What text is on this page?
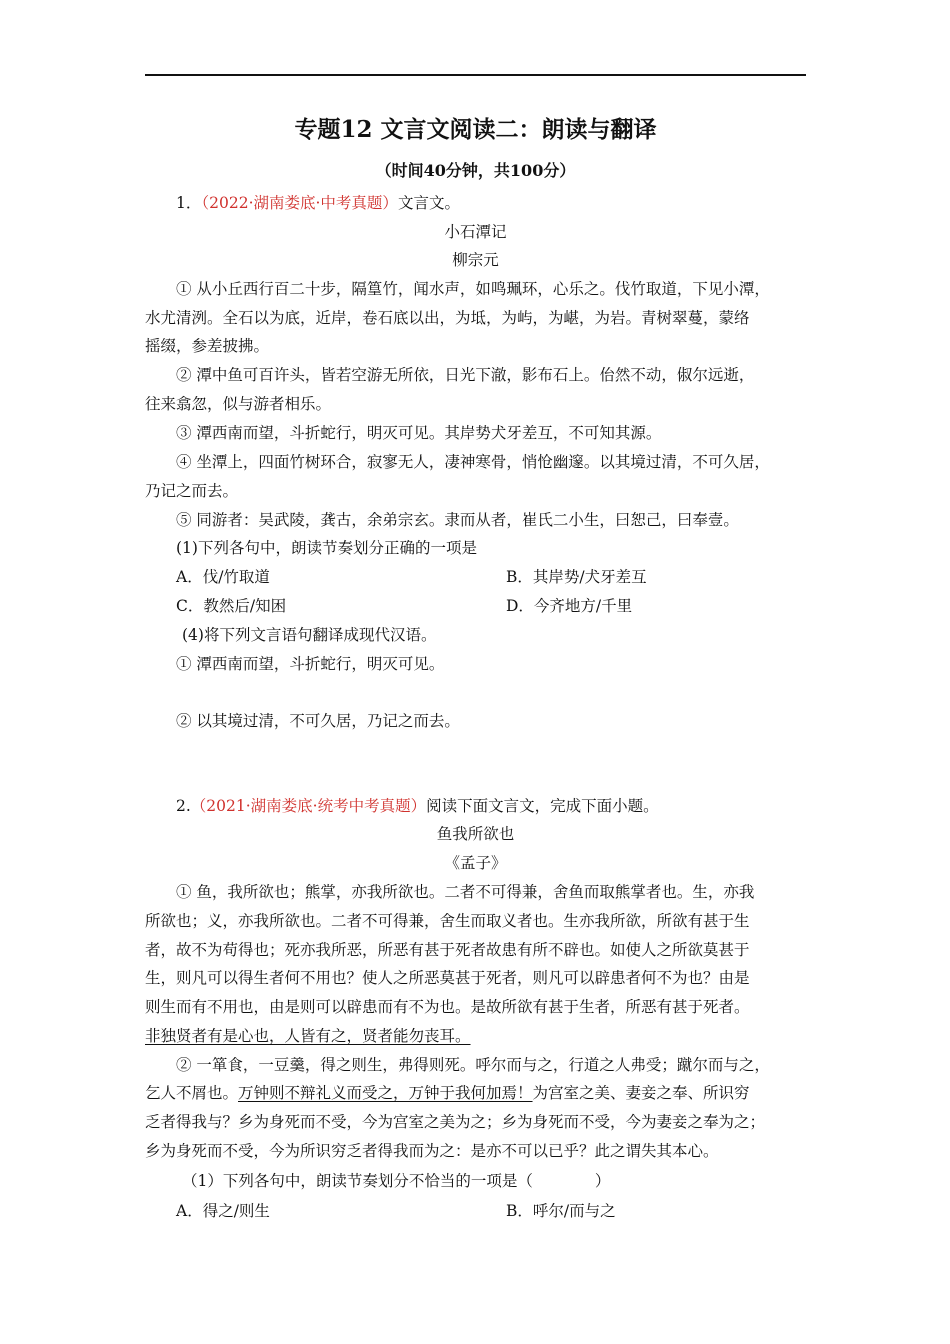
专题12 文言文阅读二：朗读与翻译
（时间40分钟，共100分）
1．（2022·湖南娄底·中考真题）文言文。
小石潭记
柳宗元
① 从小丘西行百二十步，隔篁竹，闻水声，如鸣珮环，心乐之。伐竹取道，下见小潭，
水尤清洌。全石以为底，近岸，卷石底以出，为坻，为屿，为嵁，为岩。青树翠蔓，蒙络
摇缀，参差披拂。
② 潭中鱼可百许头，皆若空游无所依，日光下澈，影布石上。佁然不动，俶尔远逝，
往来翕忽，似与游者相乐。
③ 潭西南而望，斗折蛇行，明灭可见。其岸势犬牙差互，不可知其源。
④ 坐潭上，四面竹树环合，寂寥无人，凄神寒骨，悄怆幽邃。以其境过清，不可久居，
乃记之而去。
⑤ 同游者：吴武陵，龚古，余弟宗玄。隶而从者，崔氏二小生，曰恕己，曰奉壹。
(1)下列各句中，朗读节奏划分正确的一项是
A．伐/竹取道	B．其岸势/犬牙差互
C．教然后/知困	D．今齐地方/千里
(4)将下列文言语句翻译成现代汉语。
① 潭西南而望，斗折蛇行，明灭可见。
② 以其境过清，不可久居，乃记之而去。
2.（2021·湖南娄底·统考中考真题）阅读下面文言文，完成下面小题。
鱼我所欲也
《孟子》
① 鱼，我所欲也；熊掌，亦我所欲也。二者不可得兼，舍鱼而取熊掌者也。生，亦我
所欲也；义，亦我所欲也。二者不可得兼，舍生而取义者也。生亦我所欲，所欲有甚于生
者，故不为苟得也；死亦我所恶，所恶有甚于死者故患有所不辟也。如使人之所欲莫甚于
生，则凡可以得生者何不用也？使人之所恶莫甚于死者，则凡可以辟患者何不为也？由是
则生而有不用也，由是则可以辟患而有不为也。是故所欲有甚于生者，所恶有甚于死者。
非独贤者有是心也，人皆有之，贤者能勿丧耳。
② 一箪食，一豆羹，得之则生，弗得则死。呼尔而与之，行道之人弗受；蹴尔而与之，
乞人不屑也。万钟则不辩礼义而受之，万钟于我何加焉！为宫室之美、妻妾之奉、所识穷
乏者得我与？乡为身死而不受，今为宫室之美为之；乡为身死而不受，今为妻妾之奉为之；
乡为身死而不受，今为所识穷乏者得我而为之：是亦不可以已乎？此之谓失其本心。
（1）下列各句中，朗读节奏划分不恰当的一项是（　　　　）
A．得之/则生	B．呼尔/而与之
